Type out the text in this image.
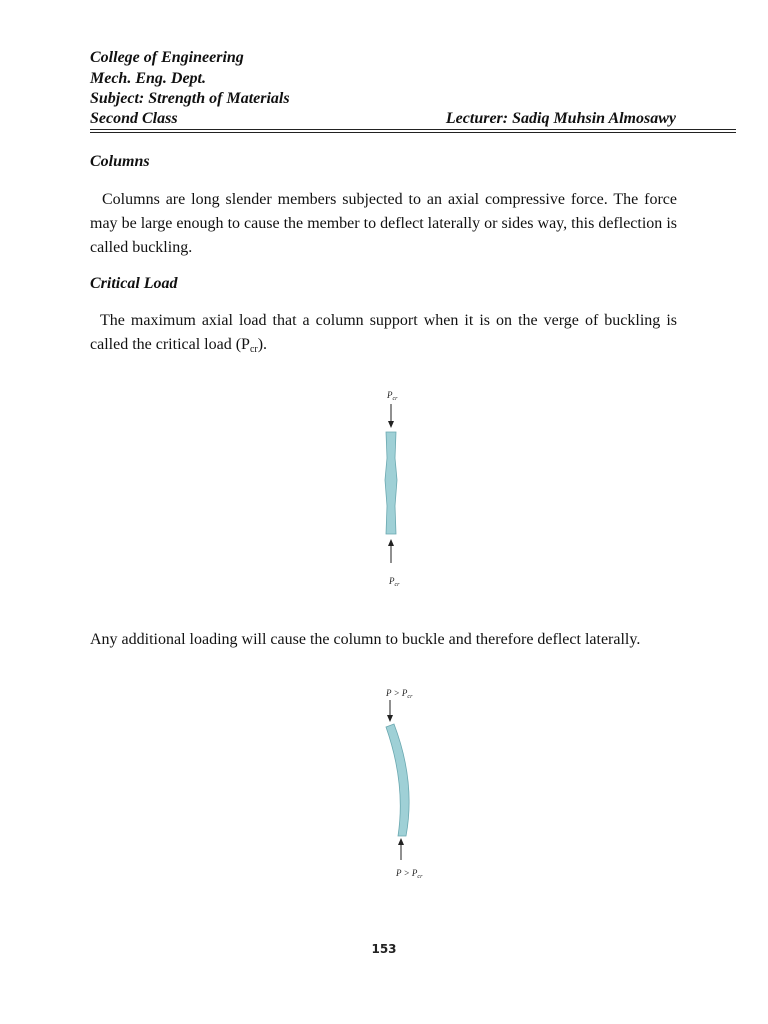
College of Engineering
Mech. Eng. Dept.
Subject: Strength of Materials
Second Class	Lecturer: Sadiq Muhsin Almosawy
Columns
Columns are long slender members subjected to an axial compressive force. The force may be large enough to cause the member to deflect laterally or sides way, this deflection is called buckling.
Critical Load
The maximum axial load that a column support when it is on the verge of buckling is called the critical load $(P_{cr})$.
$P_{cr}$
$P_{cr}$
Any additional loading will cause the column to buckle and therefore deflect laterally.
$P > P_{cr}$
$P > P_{cr}$
153
